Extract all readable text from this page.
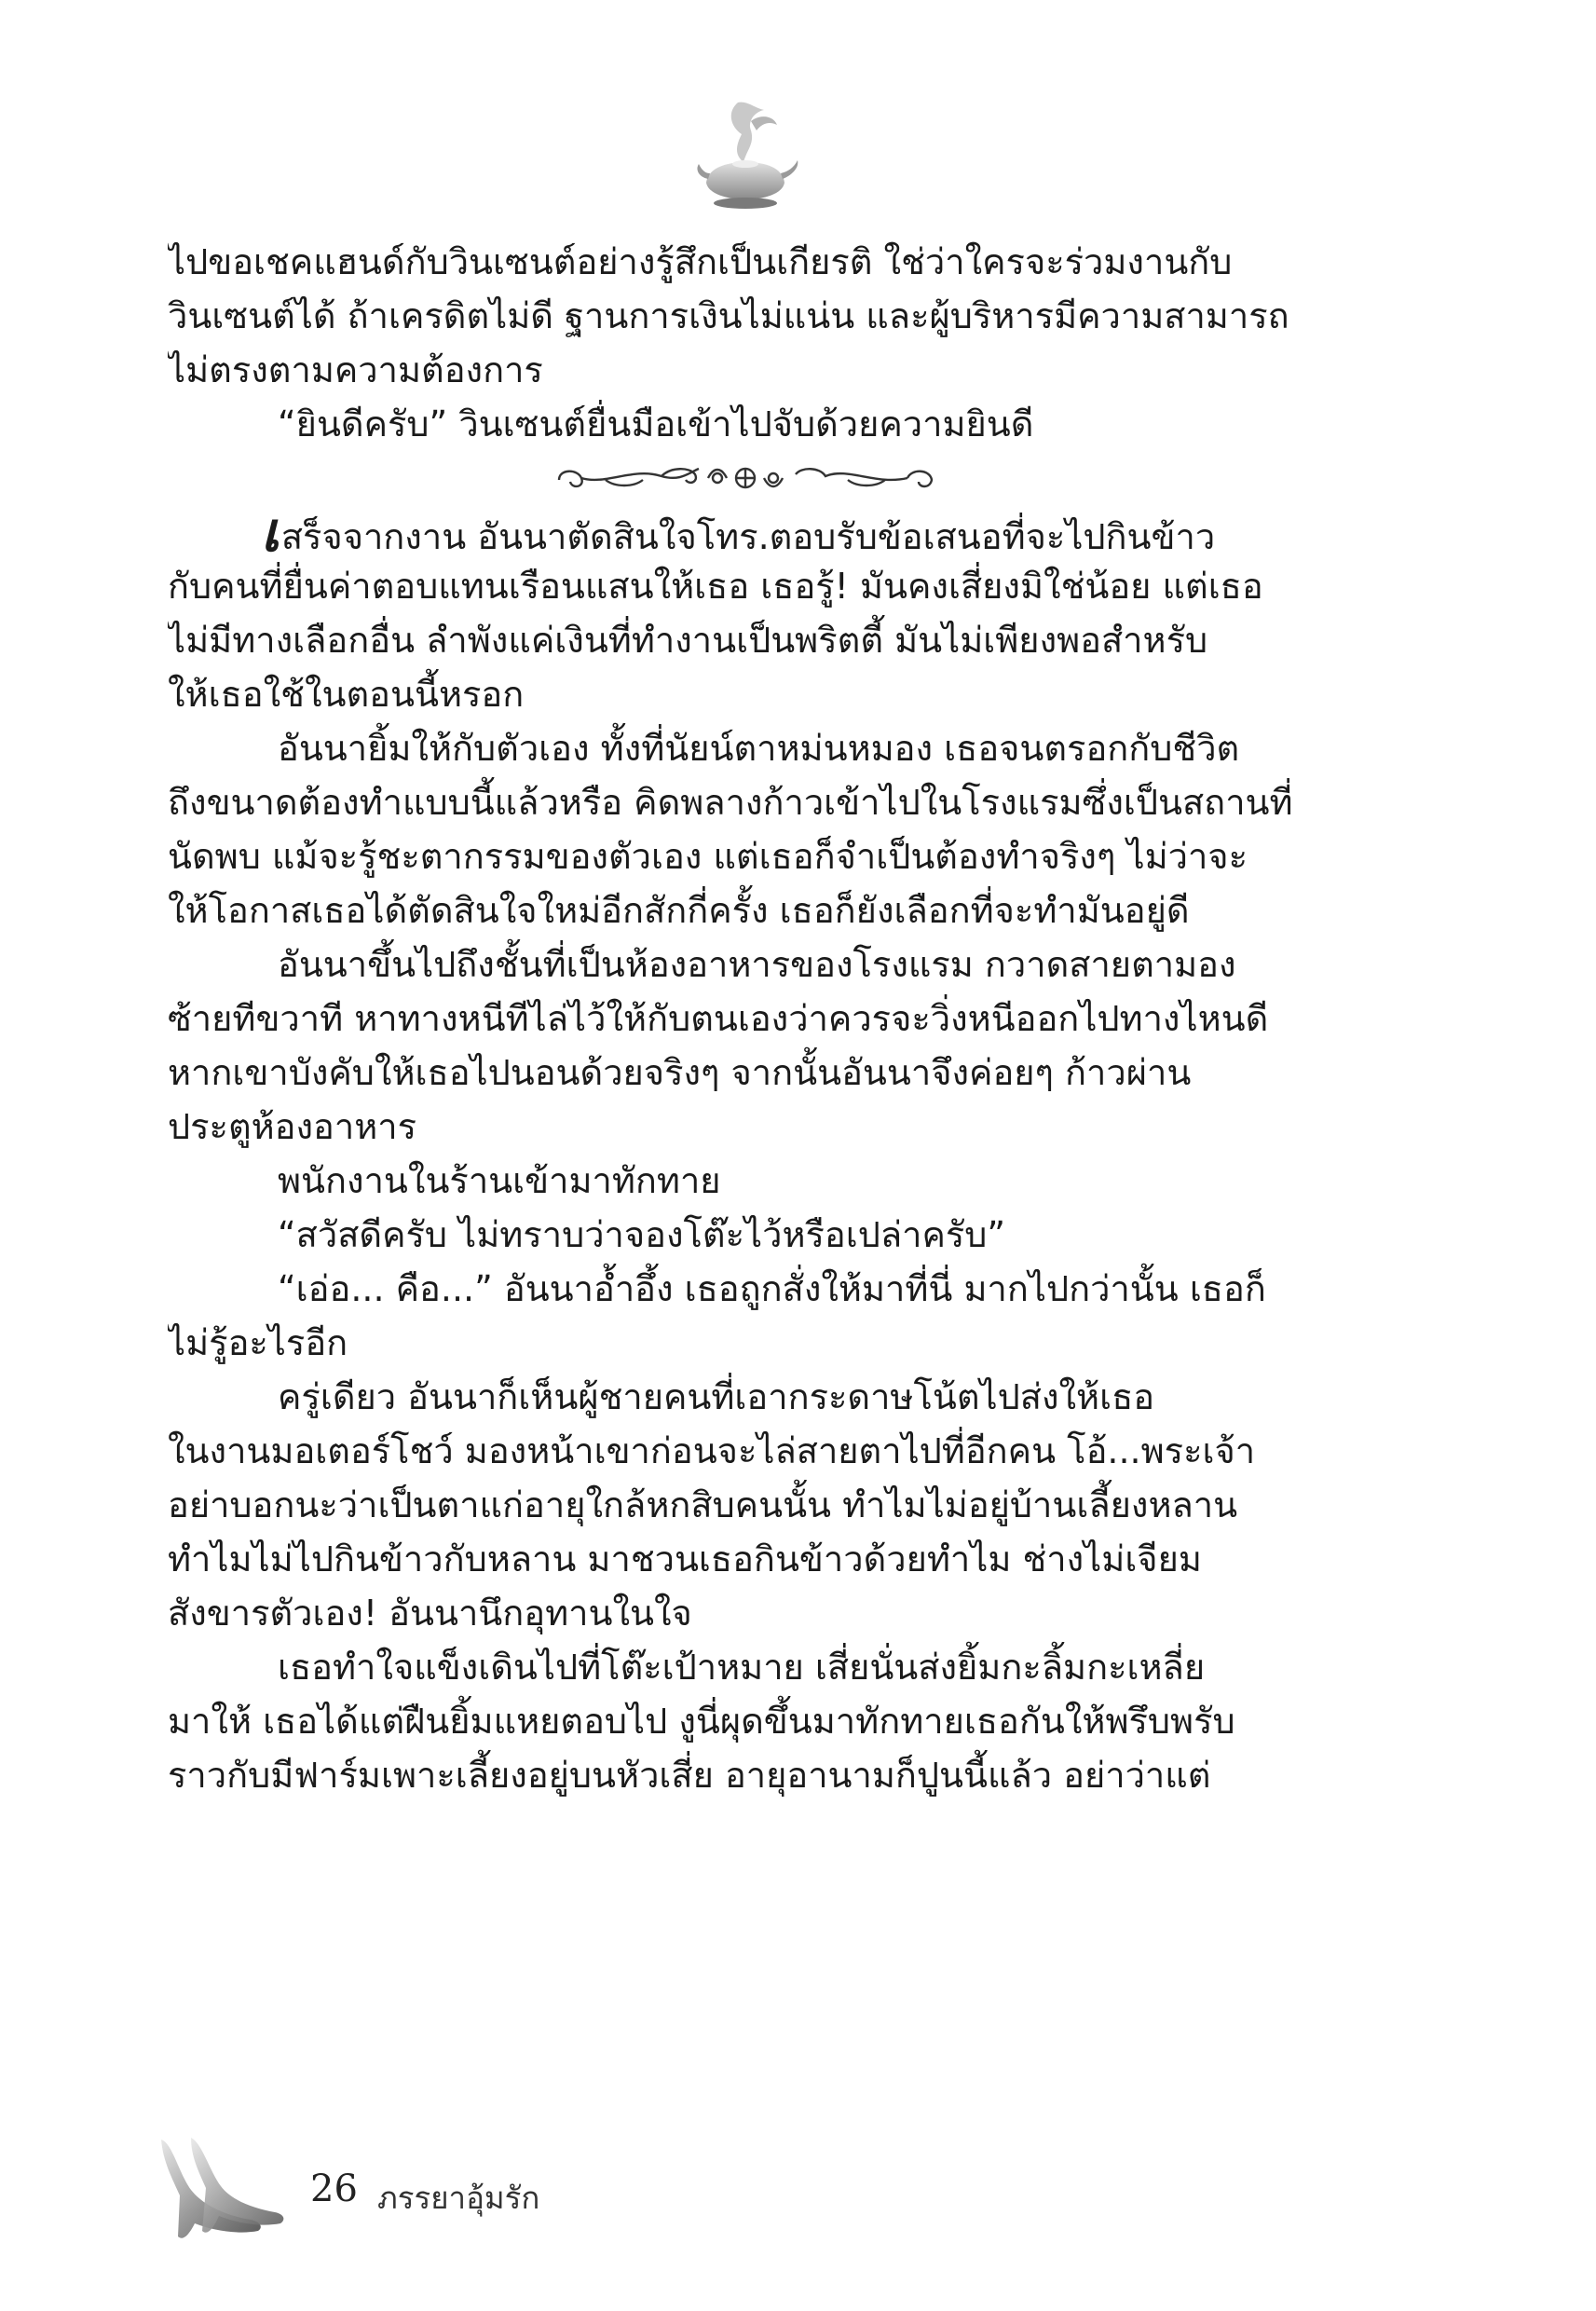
ไปขอเชคแฮนด์กับวินเซนต์อย่างรู้สึกเป็นเกียรติ ใช่ว่าใครจะร่วมงานกับ
วินเซนต์ได้ ถ้าเครดิตไม่ดี ฐานการเงินไม่แน่น และผู้บริหารมีความสามารถ
ไม่ตรงตามความต้องการ
“ยินดีครับ” วินเซนต์ยื่นมือเข้าไปจับด้วยความยินดี
เสร็จจากงาน อันนาตัดสินใจโทร.ตอบรับข้อเสนอที่จะไปกินข้าว
กับคนที่ยื่นค่าตอบแทนเรือนแสนให้เธอ เธอรู้! มันคงเสี่ยงมิใช่น้อย แต่เธอ
ไม่มีทางเลือกอื่น ลำพังแค่เงินที่ทำงานเป็นพริตตี้ มันไม่เพียงพอสำหรับ
ให้เธอใช้ในตอนนี้หรอก
อันนายิ้มให้กับตัวเอง ทั้งที่นัยน์ตาหม่นหมอง เธอจนตรอกกับชีวิต
ถึงขนาดต้องทำแบบนี้แล้วหรือ คิดพลางก้าวเข้าไปในโรงแรมซึ่งเป็นสถานที่
นัดพบ แม้จะรู้ชะตากรรมของตัวเอง แต่เธอก็จำเป็นต้องทำจริงๆ ไม่ว่าจะ
ให้โอกาสเธอได้ตัดสินใจใหม่อีกสักกี่ครั้ง เธอก็ยังเลือกที่จะทำมันอยู่ดี
อันนาขึ้นไปถึงชั้นที่เป็นห้องอาหารของโรงแรม กวาดสายตามอง
ซ้ายทีขวาที หาทางหนีทีไล่ไว้ให้กับตนเองว่าควรจะวิ่งหนีออกไปทางไหนดี
หากเขาบังคับให้เธอไปนอนด้วยจริงๆ จากนั้นอันนาจึงค่อยๆ ก้าวผ่าน
ประตูห้องอาหาร
พนักงานในร้านเข้ามาทักทาย
“สวัสดีครับ ไม่ทราบว่าจองโต๊ะไว้หรือเปล่าครับ”
“เอ่อ... คือ...” อันนาอ้ำอึ้ง เธอถูกสั่งให้มาที่นี่ มากไปกว่านั้น เธอก็
ไม่รู้อะไรอีก
ครู่เดียว อันนาก็เห็นผู้ชายคนที่เอากระดาษโน้ตไปส่งให้เธอ
ในงานมอเตอร์โชว์ มองหน้าเขาก่อนจะไล่สายตาไปที่อีกคน โอ้...พระเจ้า
อย่าบอกนะว่าเป็นตาแก่อายุใกล้หกสิบคนนั้น ทำไมไม่อยู่บ้านเลี้ยงหลาน
ทำไมไม่ไปกินข้าวกับหลาน มาชวนเธอกินข้าวด้วยทำไม ช่างไม่เจียม
สังขารตัวเอง! อันนานึกอุทานในใจ
เธอทำใจแข็งเดินไปที่โต๊ะเป้าหมาย เสี่ยนั่นส่งยิ้มกะลิ้มกะเหลี่ย
มาให้ เธอได้แต่ฝืนยิ้มแหยตอบไป งูนี่ผุดขึ้นมาทักทายเธอกันให้พรึบพรับ
ราวกับมีฟาร์มเพาะเลี้ยงอยู่บนหัวเสี่ย อายุอานามก็ปูนนี้แล้ว อย่าว่าแต่
26 ภรรยาอุ้มรัก
